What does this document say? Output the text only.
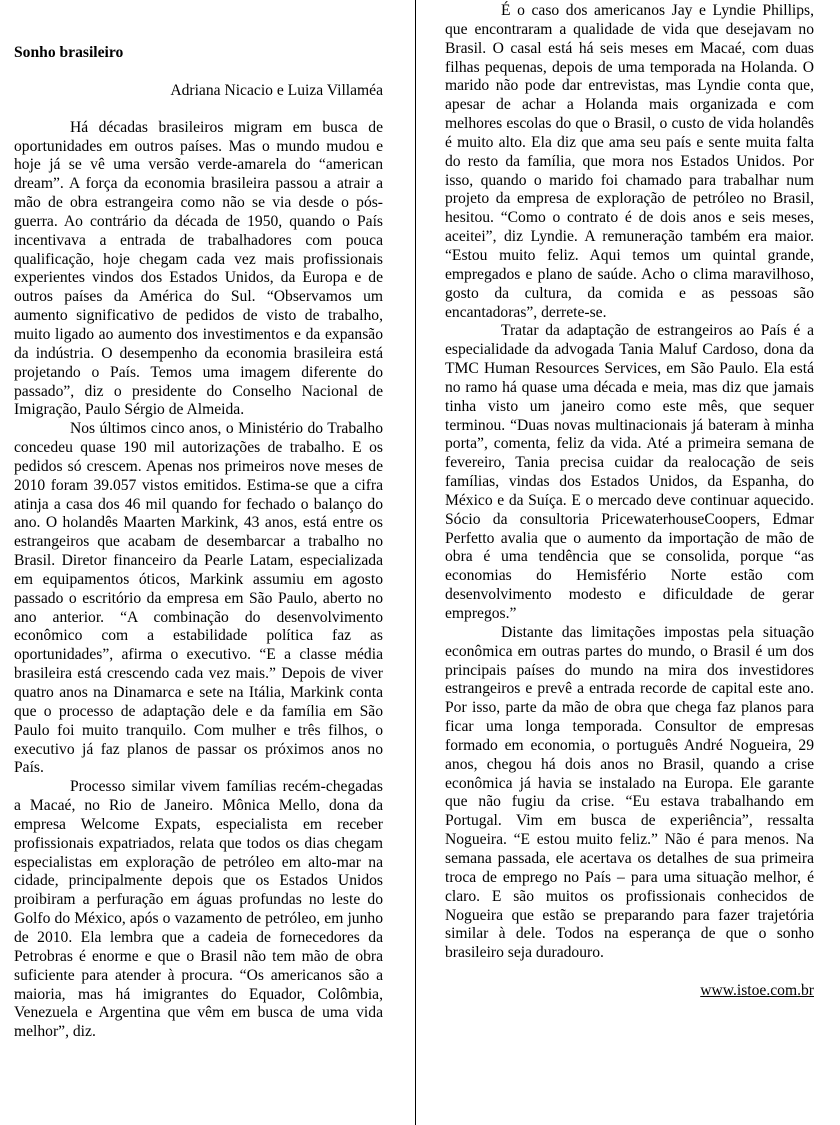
Sonho brasileiro
Adriana Nicacio e Luiza Villaméa

Há décadas brasileiros migram em busca de oportunidades em outros países. Mas o mundo mudou e hoje já se vê uma versão verde-amarela do “american dream”. A força da economia brasileira passou a atrair a mão de obra estrangeira como não se via desde o pós-guerra. Ao contrário da década de 1950, quando o País incentivava a entrada de trabalhadores com pouca qualificação, hoje chegam cada vez mais profissionais experientes vindos dos Estados Unidos, da Europa e de outros países da América do Sul. “Observamos um aumento significativo de pedidos de visto de trabalho, muito ligado ao aumento dos investimentos e da expansão da indústria. O desempenho da economia brasileira está projetando o País. Temos uma imagem diferente do passado”, diz o presidente do Conselho Nacional de Imigração, Paulo Sérgio de Almeida.

Nos últimos cinco anos, o Ministério do Trabalho concedeu quase 190 mil autorizações de trabalho. E os pedidos só crescem. Apenas nos primeiros nove meses de 2010 foram 39.057 vistos emitidos. Estima-se que a cifra atinja a casa dos 46 mil quando for fechado o balanço do ano. O holandês Maarten Markink, 43 anos, está entre os estrangeiros que acabam de desembarcar a trabalho no Brasil. Diretor financeiro da Pearle Latam, especializada em equipamentos óticos, Markink assumiu em agosto passado o escritório da empresa em São Paulo, aberto no ano anterior. “A combinação do desenvolvimento econômico com a estabilidade política faz as oportunidades”, afirma o executivo. “E a classe média brasileira está crescendo cada vez mais.” Depois de viver quatro anos na Dinamarca e sete na Itália, Markink conta que o processo de adaptação dele e da família em São Paulo foi muito tranquilo. Com mulher e três filhos, o executivo já faz planos de passar os próximos anos no País.

Processo similar vivem famílias recém-chegadas a Macaé, no Rio de Janeiro. Mônica Mello, dona da empresa Welcome Expats, especialista em receber profissionais expatriados, relata que todos os dias chegam especialistas em exploração de petróleo em alto-mar na cidade, principalmente depois que os Estados Unidos proibiram a perfuração em águas profundas no leste do Golfo do México, após o vazamento de petróleo, em junho de 2010. Ela lembra que a cadeia de fornecedores da Petrobras é enorme e que o Brasil não tem mão de obra suficiente para atender à procura. “Os americanos são a maioria, mas há imigrantes do Equador, Colômbia, Venezuela e Argentina que vêm em busca de uma vida melhor”, diz.

É o caso dos americanos Jay e Lyndie Phillips, que encontraram a qualidade de vida que desejavam no Brasil. O casal está há seis meses em Macaé, com duas filhas pequenas, depois de uma temporada na Holanda. O marido não pode dar entrevistas, mas Lyndie conta que, apesar de achar a Holanda mais organizada e com melhores escolas do que o Brasil, o custo de vida holandês é muito alto. Ela diz que ama seu país e sente muita falta do resto da família, que mora nos Estados Unidos. Por isso, quando o marido foi chamado para trabalhar num projeto da empresa de exploração de petróleo no Brasil, hesitou. “Como o contrato é de dois anos e seis meses, aceitei”, diz Lyndie. A remuneração também era maior. “Estou muito feliz. Aqui temos um quintal grande, empregados e plano de saúde. Acho o clima maravilhoso, gosto da cultura, da comida e as pessoas são encantadoras”, derrete-se.

Tratar da adaptação de estrangeiros ao País é a especialidade da advogada Tania Maluf Cardoso, dona da TMC Human Resources Services, em São Paulo. Ela está no ramo há quase uma década e meia, mas diz que jamais tinha visto um janeiro como este mês, que sequer terminou. “Duas novas multinacionais já bateram à minha porta”, comenta, feliz da vida. Até a primeira semana de fevereiro, Tania precisa cuidar da realocação de seis famílias, vindas dos Estados Unidos, da Espanha, do México e da Suíça. E o mercado deve continuar aquecido. Sócio da consultoria PricewaterhouseCoopers, Edmar Perfetto avalia que o aumento da importação de mão de obra é uma tendência que se consolida, porque “as economias do Hemisfério Norte estão com desenvolvimento modesto e dificuldade de gerar empregos.”

Distante das limitações impostas pela situação econômica em outras partes do mundo, o Brasil é um dos principais países do mundo na mira dos investidores estrangeiros e prevê a entrada recorde de capital este ano. Por isso, parte da mão de obra que chega faz planos para ficar uma longa temporada. Consultor de empresas formado em economia, o português André Nogueira, 29 anos, chegou há dois anos no Brasil, quando a crise econômica já havia se instalado na Europa. Ele garante que não fugiu da crise. “Eu estava trabalhando em Portugal. Vim em busca de experiência”, ressalta Nogueira. “E estou muito feliz.” Não é para menos. Na semana passada, ele acertava os detalhes de sua primeira troca de emprego no País – para uma situação melhor, é claro. E são muitos os profissionais conhecidos de Nogueira que estão se preparando para fazer trajetória similar à dele. Todos na esperança de que o sonho brasileiro seja duradouro.

www.istoe.com.br
